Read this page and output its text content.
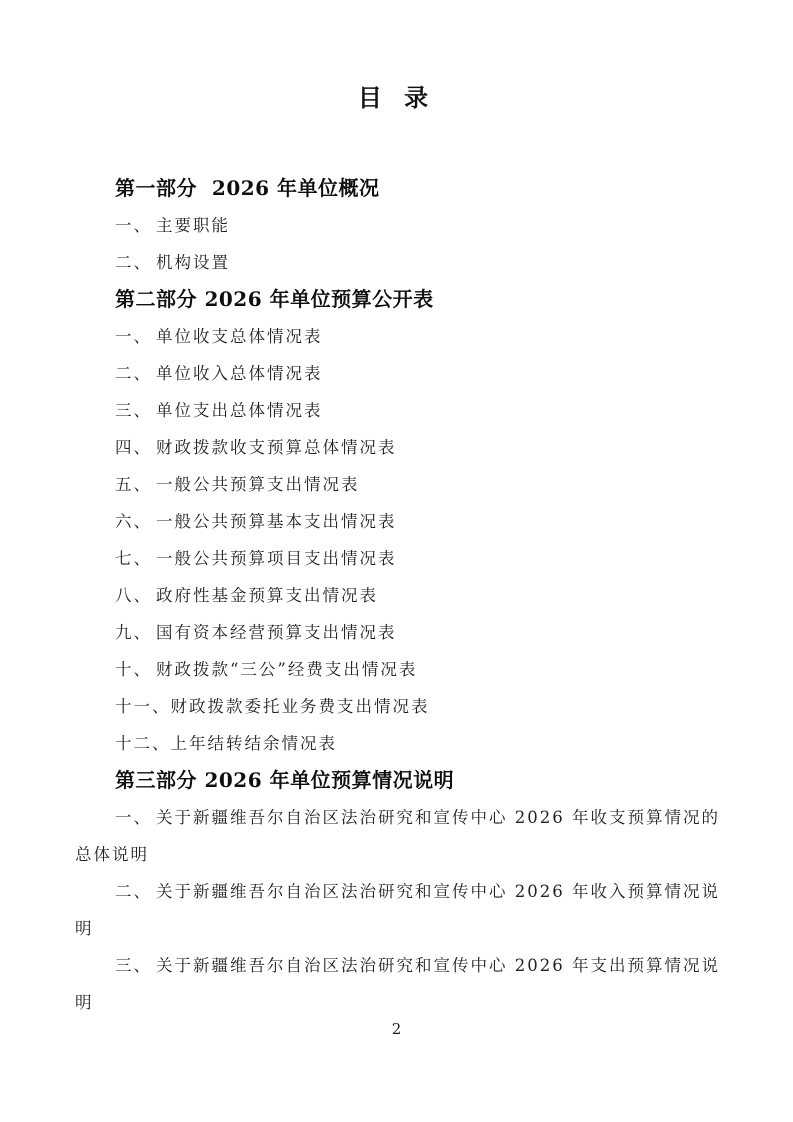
目 录
第一部分  2026 年单位概况
一、 主要职能
二、 机构设置
第二部分 2026 年单位预算公开表
一、 单位收支总体情况表
二、 单位收入总体情况表
三、 单位支出总体情况表
四、 财政拨款收支预算总体情况表
五、 一般公共预算支出情况表
六、 一般公共预算基本支出情况表
七、 一般公共预算项目支出情况表
八、 政府性基金预算支出情况表
九、 国有资本经营预算支出情况表
十、 财政拨款“三公”经费支出情况表
十一、 财政拨款委托业务费支出情况表
十二、 上年结转结余情况表
第三部分 2026 年单位预算情况说明
一、 关于新疆维吾尔自治区法治研究和宣传中心 2026 年收支预算情况的
总体说明
二、 关于新疆维吾尔自治区法治研究和宣传中心 2026 年收入预算情况说
明
三、 关于新疆维吾尔自治区法治研究和宣传中心 2026 年支出预算情况说
明
2
